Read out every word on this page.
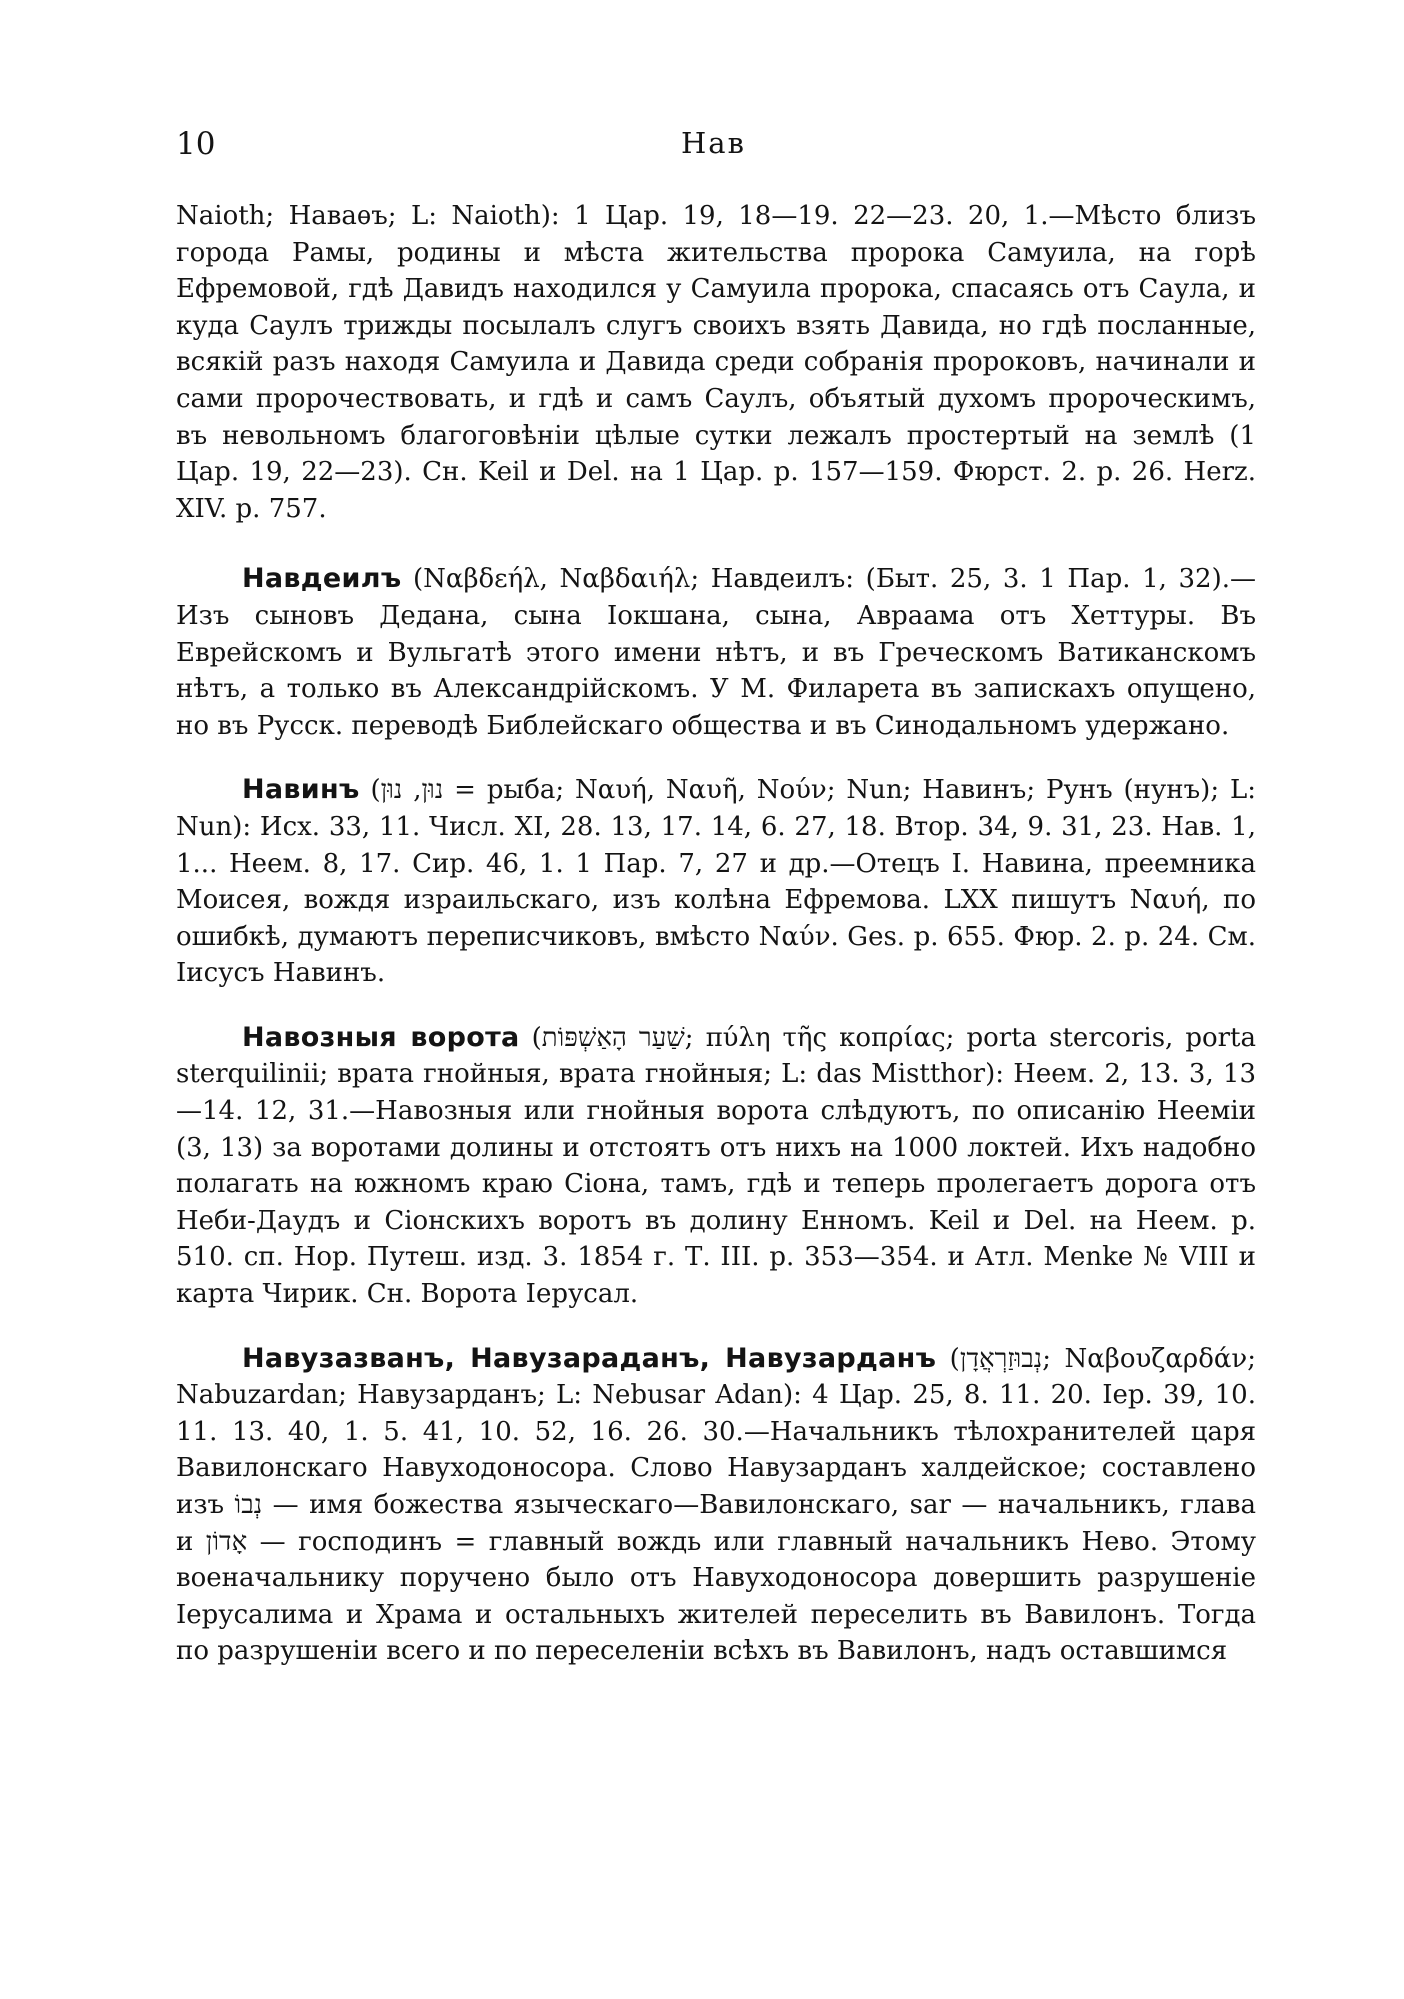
10	Нав

Naioth; Наваѳъ; L: Naioth): 1 Цар. 19, 18—19. 22—23. 20, 1.—Мѣсто близъ города Рамы, родины и мѣста жительства пророка Самуила, на горѣ Ефремовой, гдѣ Давидъ находился у Самуила пророка, спасаясь отъ Саула, и куда Саулъ трижды посылалъ слугъ своихъ взять Давида, но гдѣ посланные, всякій разъ находя Самуила и Давида среди собранія пророковъ, начинали и сами пророчествовать, и гдѣ и самъ Саулъ, объятый духомъ пророческимъ, въ невольномъ благоговѣніи цѣлые сутки лежалъ простертый на землѣ (1 Цар. 19, 22—23). Сн. Keil и Del. на 1 Цар. p. 157—159. Фюрст. 2. p. 26. Herz. XIV. p. 757.

Навдеилъ (Ναβδεήλ, Ναβδαιήλ; Навдеилъ: (Быт. 25, 3. 1 Пар. 1, 32).—Изъ сыновъ Дедана, сына Іокшана, сына, Авраама отъ Хеттуры. Въ Еврейскомъ и Вульгатѣ этого имени нѣтъ, и въ Греческомъ Ватиканскомъ нѣтъ, а только въ Александрійскомъ. У М. Филарета въ запискахъ опущено, но въ Русск. переводѣ Библейскаго общества и въ Синодальномъ удержано.

Навинъ (נוּן, נוּן = рыба; Ναυή, Ναυῆ, Νούν; Nun; Навинъ; Рунъ (нунъ); L: Nun): Исх. 33, 11. Числ. XI, 28. 13, 17. 14, 6. 27, 18. Втор. 34, 9. 31, 23. Нав. 1, 1... Неем. 8, 17. Сир. 46, 1. 1 Пар. 7, 27 и др.—Отецъ І. Навина, преемника Моисея, вождя израильскаго, изъ колѣна Ефремова. LXX пишутъ Ναυή, по ошибкѣ, думаютъ переписчиковъ, вмѣсто Ναύν. Ges. p. 655. Фюр. 2. p. 24. См. Іисусъ Навинъ.

Навозныя ворота (שַׁעַר הָאַשְׁפּוֹת; πύλη τῆς κοπρίας; porta stercoris, porta sterquilinii; врата гнойныя, врата гнойныя; L: das Mistthor): Неем. 2, 13. 3, 13—14. 12, 31.—Навозныя или гнойныя ворота слѣдуютъ, по описанію Нееміи (3, 13) за воротами долины и отстоятъ отъ нихъ на 1000 локтей. Ихъ надобно полагать на южномъ краю Сіона, тамъ, гдѣ и теперь пролегаетъ дорога отъ Неби-Даудъ и Сіонскихъ воротъ въ долину Енномъ. Keil и Del. на Неем. p. 510. сп. Нор. Путеш. изд. 3. 1854 г. Т. III. p. 353—354. и Атл. Menke № VIII и карта Чирик. Сн. Ворота Іерусал.

Навузазванъ, Навузараданъ, Навузарданъ (נְבוּזַרְאֲדָן; Ναβουζαρδάν; Nabuzardan; Навузарданъ; L: Nebusar Adan): 4 Цар. 25, 8. 11. 20. Іер. 39, 10. 11. 13. 40, 1. 5. 41, 10. 52, 16. 26. 30.—Начальникъ тѣлохранителей царя Вавилонскаго Навуходоносора. Слово Навузарданъ халдейское; составлено изъ נְבוֹ — имя божества языческаго—Вавилонскаго, sar — начальникъ, глава и אָדוֹן — господинъ = главный вождь или главный начальникъ Нево. Этому военачальнику поручено было отъ Навуходоносора довершить разрушеніе Іерусалима и Храма и остальныхъ жителей переселить въ Вавилонъ. Тогда по разрушеніи всего и по переселеніи всѣхъ въ Вавилонъ, надъ оставшимся
